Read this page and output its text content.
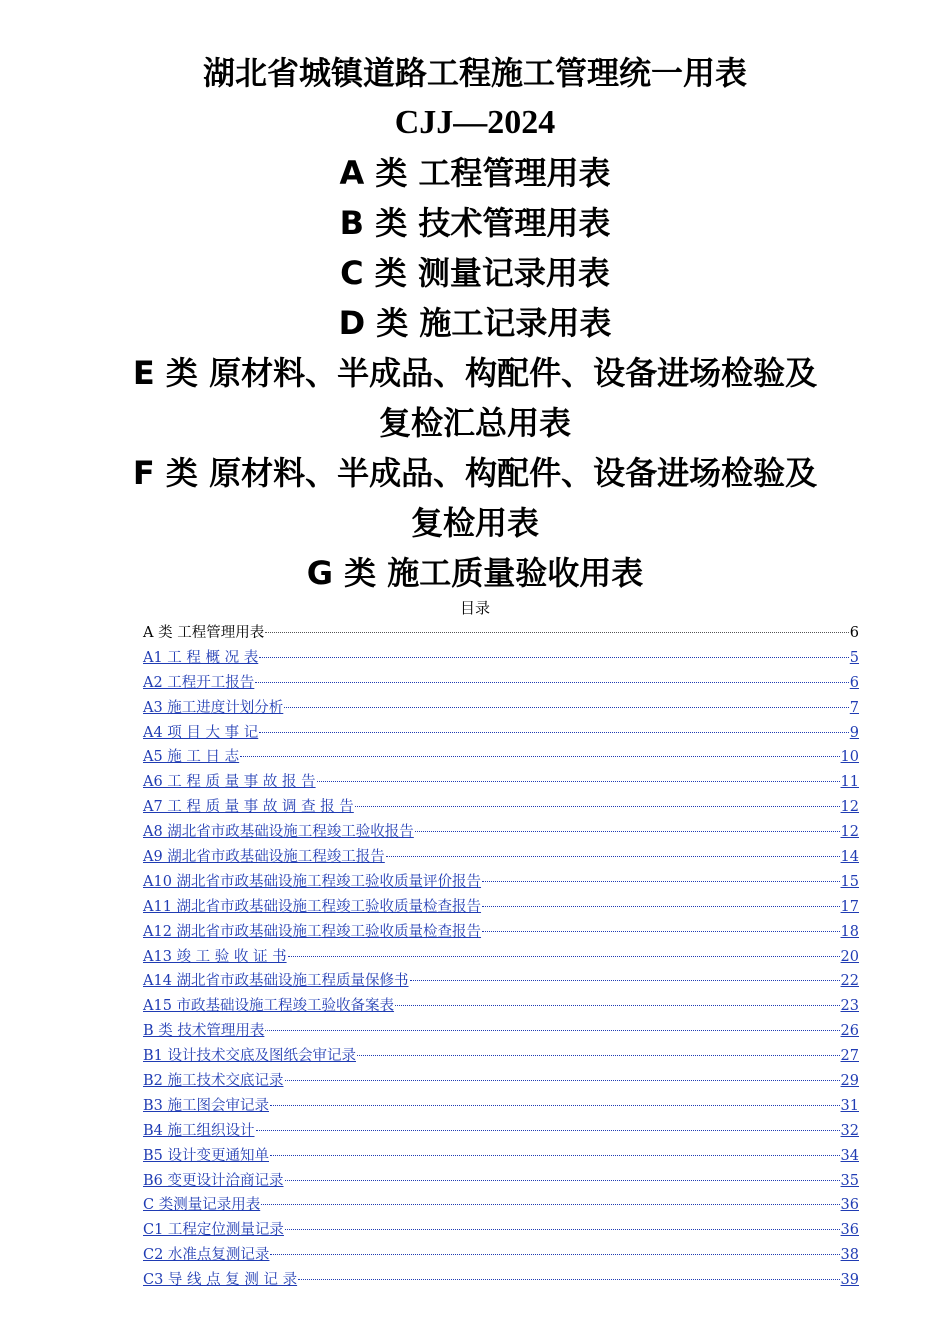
湖北省城镇道路工程施工管理统一用表
CJJ—2024
A 类 工程管理用表
B 类 技术管理用表
C 类 测量记录用表
D 类 施工记录用表
E 类 原材料、半成品、构配件、设备进场检验及
复检汇总用表
F 类 原材料、半成品、构配件、设备进场检验及
复检用表
G 类 施工质量验收用表
目录
A 类 工程管理用表	6
A1 工 程 概 况 表	5
A2 工程开工报告	6
A3 施工进度计划分析	7
A4 项 目 大 事 记	9
A5 施 工 日 志	10
A6 工 程 质 量 事 故 报 告	11
A7 工 程 质 量 事 故 调 查 报 告	12
A8 湖北省市政基础设施工程竣工验收报告	12
A9 湖北省市政基础设施工程竣工报告	14
A10 湖北省市政基础设施工程竣工验收质量评价报告	15
A11 湖北省市政基础设施工程竣工验收质量检查报告	17
A12 湖北省市政基础设施工程竣工验收质量检查报告	18
A13 竣 工 验 收 证 书	20
A14 湖北省市政基础设施工程质量保修书	22
A15 市政基础设施工程竣工验收备案表	23
B 类 技术管理用表	26
B1 设计技术交底及图纸会审记录	27
B2 施工技术交底记录	29
B3 施工图会审记录	31
B4 施工组织设计	32
B5 设计变更通知单	34
B6 变更设计洽商记录	35
C 类测量记录用表	36
C1 工程定位测量记录	36
C2 水准点复测记录	38
C3 导 线 点 复 测 记 录	39
